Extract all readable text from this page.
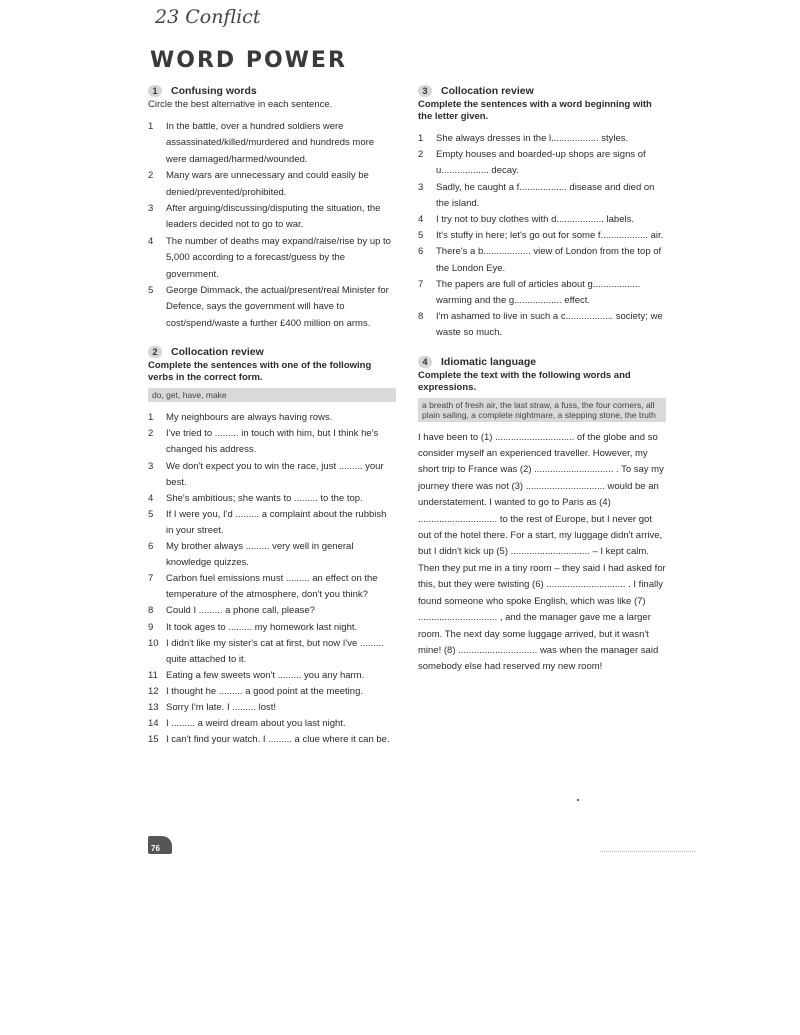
23 Conflict
WORD POWER
1	Confusing words
Circle the best alternative in each sentence.
1	In the battle, over a hundred soldiers were assassinated/killed/murdered and hundreds more were damaged/harmed/wounded.
2	Many wars are unnecessary and could easily be denied/prevented/prohibited.
3	After arguing/discussing/disputing the situation, the leaders decided not to go to war.
4	The number of deaths may expand/raise/rise by up to 5,000 according to a forecast/guess by the government.
5	George Dimmack, the actual/present/real Minister for Defence, says the government will have to cost/spend/waste a further £400 million on arms.
2	Collocation review
Complete the sentences with one of the following verbs in the correct form.
do, get, have, make
1	My neighbours are always having rows.
2	I've tried to ......... in touch with him, but I think he's changed his address.
3	We don't expect you to win the race, just ......... your best.
4	She's ambitious; she wants to ......... to the top.
5	If I were you, I'd ......... a complaint about the rubbish in your street.
6	My brother always ......... very well in general knowledge quizzes.
7	Carbon fuel emissions must ......... an effect on the temperature of the atmosphere, don't you think?
8	Could I ......... a phone call, please?
9	It took ages to ......... my homework last night.
10 I didn't like my sister's cat at first, but now I've ......... quite attached to it.
11 Eating a few sweets won't ......... you any harm.
12 I thought he ......... a good point at the meeting.
13 Sorry I'm late. I ......... lost!
14 I ......... a weird dream about you last night.
15 I can't find your watch. I ......... a clue where it can be.
3	Collocation review
Complete the sentences with a word beginning with the letter given.
1	She always dresses in the l.................. styles.
2	Empty houses and boarded-up shops are signs of u.................. decay.
3	Sadly, he caught a f.................. disease and died on the island.
4	I try not to buy clothes with d.................. labels.
5	It's stuffy in here; let's go out for some f.................. air.
6	There's a b.................. view of London from the top of the London Eye.
7	The papers are full of articles about g.................. warming and the g.................. effect.
8	I'm ashamed to live in such a c.................. society; we waste so much.
4	Idiomatic language
Complete the text with the following words and expressions.
a breath of fresh air, the last straw, a fuss, the four corners, all plain sailing, a complete nightmare, a stepping stone, the truth

I have been to (1) .............................. of the globe and so consider myself an experienced traveller. However, my short trip to France was (2) .............................. . To say my journey there was not (3) .............................. would be an understatement. I wanted to go to Paris as (4) .............................. to the rest of Europe, but I never got out of the hotel there. For a start, my luggage didn't arrive, but I didn't kick up (5) .............................. – I kept calm. Then they put me in a tiny room – they said I had asked for this, but they were twisting (6) .............................. . I finally found someone who spoke English, which was like (7) .............................. , and the manager gave me a larger room. The next day some luggage arrived, but it wasn't mine! (8) .............................. was when the manager said somebody else had reserved my new room!

76
